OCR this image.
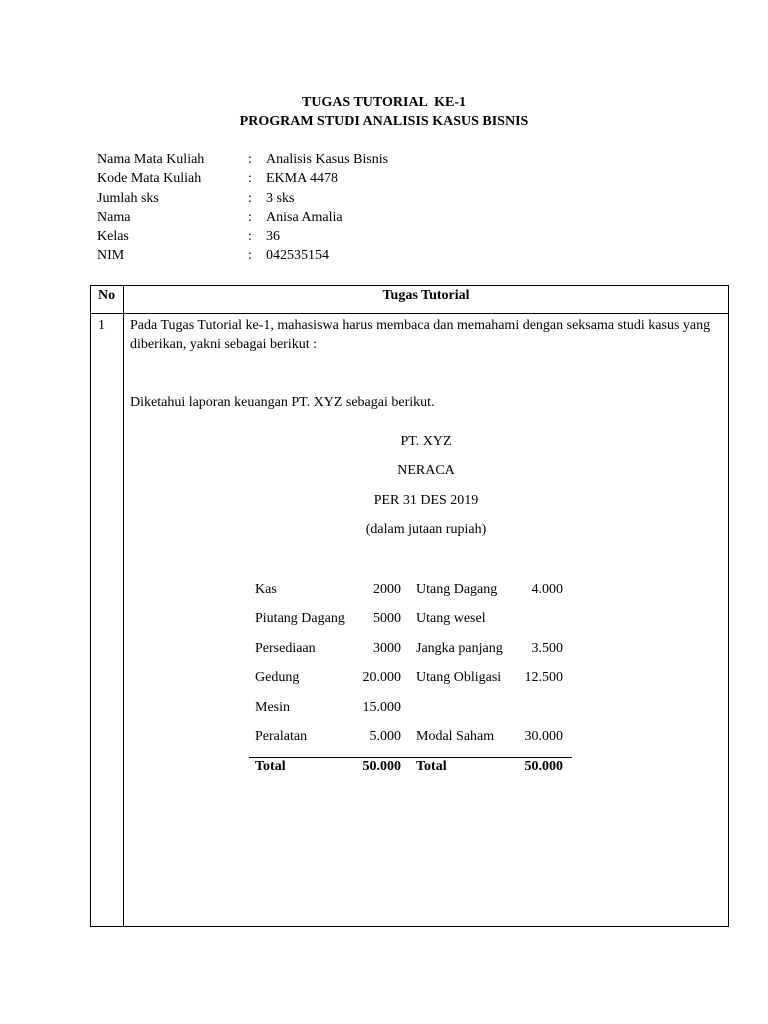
TUGAS TUTORIAL  KE-1
PROGRAM STUDI ANALISIS KASUS BISNIS
Nama Mata Kuliah	:	Analisis Kasus Bisnis
Kode Mata Kuliah	:	EKMA 4478
Jumlah sks	:	3 sks
Nama	:	Anisa Amalia
Kelas	:	36
NIM	:	042535154
No	Tugas Tutorial
1 Pada Tugas Tutorial ke-1, mahasiswa harus membaca dan memahami dengan seksama studi kasus yang diberikan, yakni sebagai berikut :
Diketahui laporan keuangan PT. XYZ sebagai berikut.
PT. XYZ
NERACA
PER 31 DES 2019
(dalam jutaan rupiah)
Kas	2000 Utang Dagang 4.000
Piutang Dagang 5000 Utang wesel
Persediaan	3000 Jangka panjang 3.500
Gedung	20.000 Utang Obligasi 12.500
Mesin	15.000
Peralatan	5.000 Modal Saham 30.000
Total	50.000 Total	50.000
